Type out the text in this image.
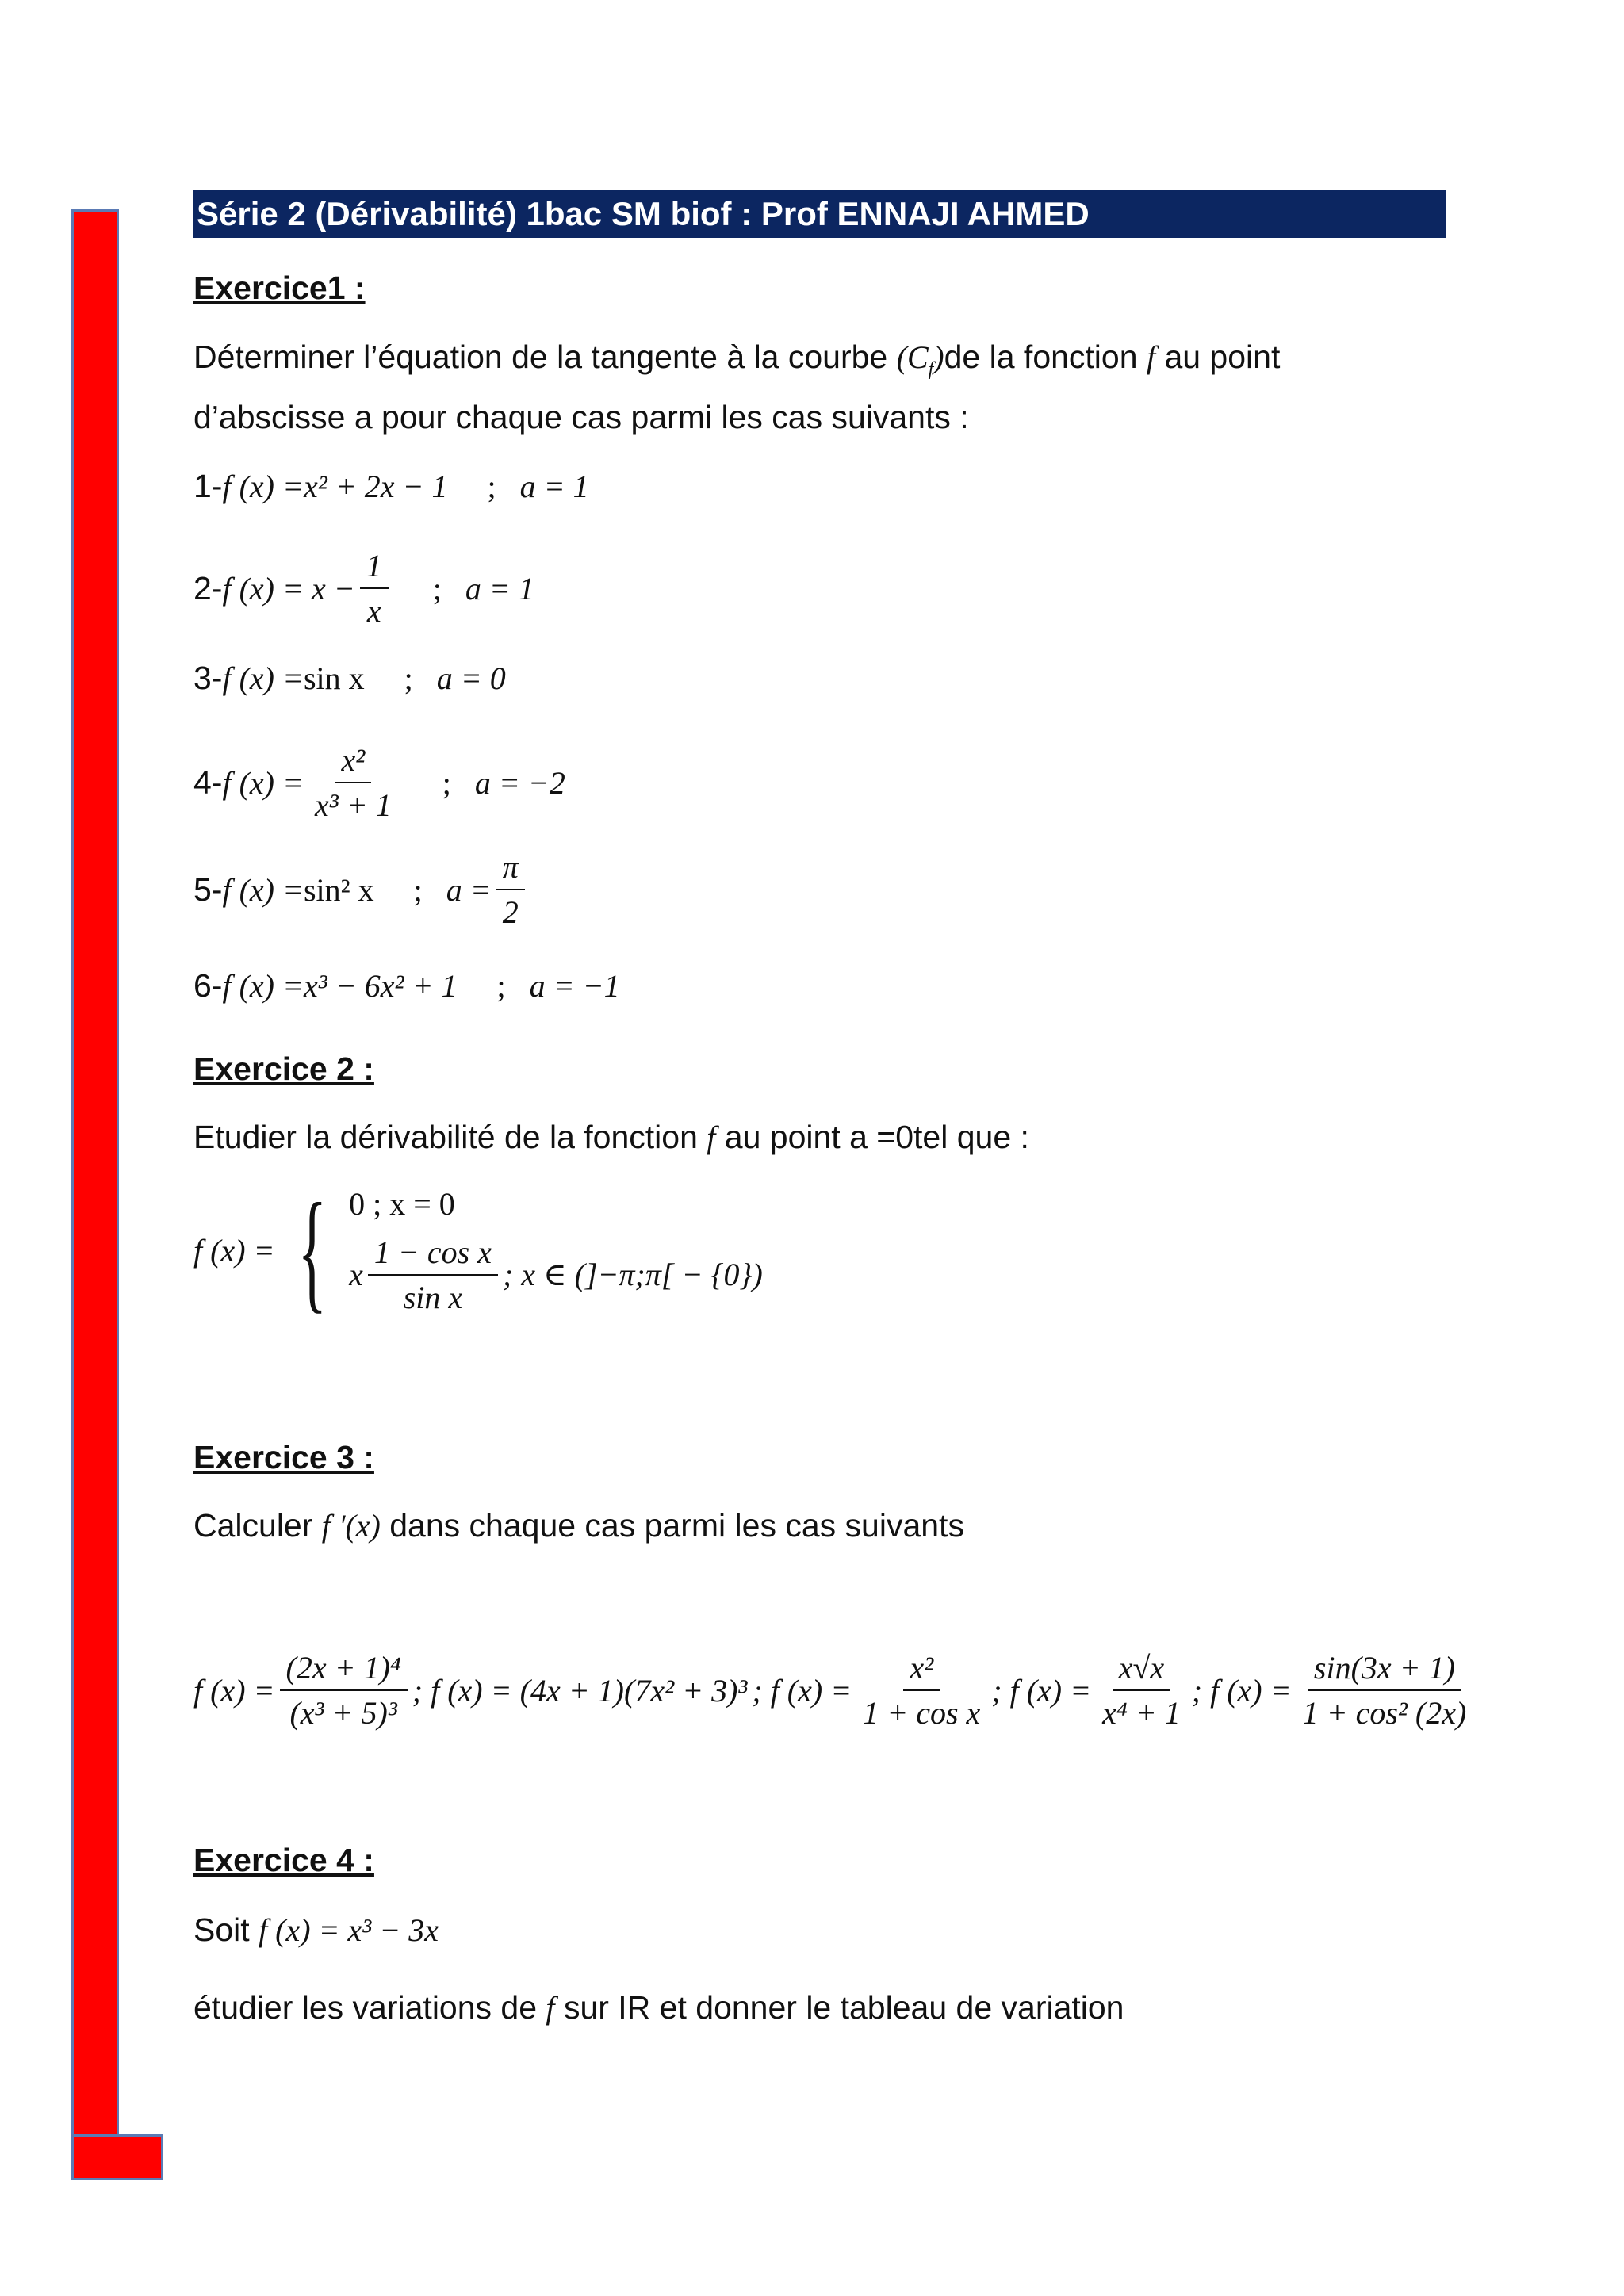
Série 2 (Dérivabilité) 1bac SM biof : Prof ENNAJI AHMED
Exercice1 :
Déterminer l’équation de la tangente à la courbe $(C_f)de$ la fonction f au point
d’abscisse a pour chaque cas parmi les cas suivants :
1- f (x) = x² + 2x − 1 ; a = 1
2- f $(x) = x - \frac{1}{x}$ ; a = 1
3- f (x) = sin x ; a = 0
4- f $(x) = \frac{\text{x²}}{\text{x³ + 1}}$ ; a = −2
5- f (x) = sin² x ; $a = \frac{\pi}{2}$
6- f (x) = x³ − 6x² + 1 ; a = −1
Exercice 2 :
Etudier la dérivabilité de la fonction f au point a =0tel que :
f (x) = { 0 ; x = 0
x $\frac{\text{1 − cos x}}{\text{sin x}}$ ; x ∈ (]−π;π[ − {0})
Exercice 3 :
Calculer f '(x) dans chaque cas parmi les cas suivants
f $(x) = \frac{\text{(2x + 1)⁴}}{\text{(x³ + 5)³}}$ ; f (x) = (4x + 1)(7x² + 3)³ ; f $(x) = \frac{\text{x²}}{\text{1 + cos x}}$ ; f $(x) = \frac{x√x}{\text{x⁴ + 1}}$ ; f $(x) = \frac{\sin(3x + 1)}{\text{1 + cos² (2x)}}$
Exercice 4 :
Soit f (x) = x³ − 3x
étudier les variations de f sur IR et donner le tableau de variation
